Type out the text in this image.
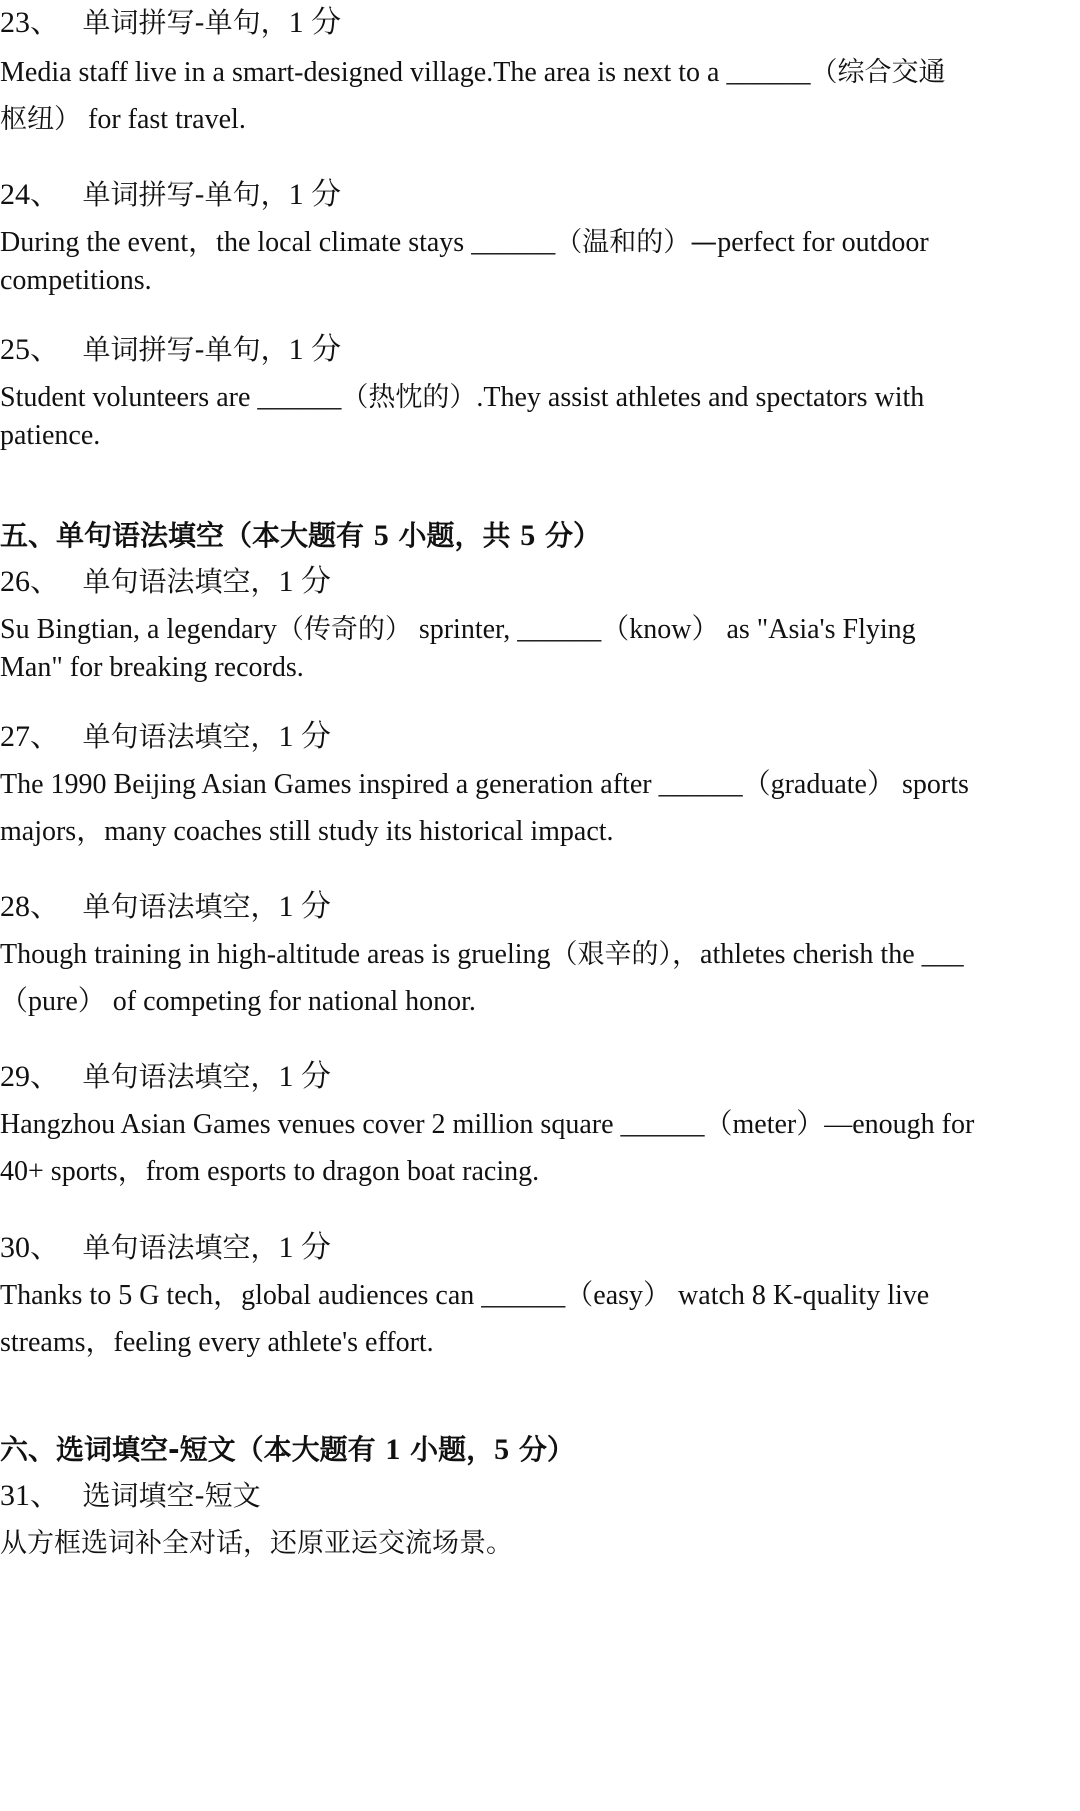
23、 单词拼写-单句，1 分
Media staff live in a smart-designed village.The area is next to a ______（综合交通
枢纽） for fast travel.
24、 单词拼写-单句，1 分
During the event，the local climate stays ______（温和的）—perfect for outdoor
competitions.
25、 单词拼写-单句，1 分
Student volunteers are ______（热忱的）.They assist athletes and spectators with
patience.
五、单句语法填空（本大题有 5 小题，共 5 分）
26、 单句语法填空，1 分
Su Bingtian, a legendary（传奇的） sprinter, ______（know） as "Asia's Flying
Man" for breaking records.
27、 单句语法填空，1 分
The 1990 Beijing Asian Games inspired a generation after ______（graduate） sports
majors，many coaches still study its historical impact.
28、 单句语法填空，1 分
Though training in high-altitude areas is grueling（艰辛的），athletes cherish the ___
（pure） of competing for national honor.
29、 单句语法填空，1 分
Hangzhou Asian Games venues cover 2 million square ______（meter）—enough for
40+ sports，from esports to dragon boat racing.
30、 单句语法填空，1 分
Thanks to 5 G tech，global audiences can ______（easy） watch 8 K-quality live
streams，feeling every athlete's effort.
六、选词填空-短文（本大题有 1 小题，5 分）
31、 选词填空-短文
从方框选词补全对话，还原亚运交流场景。
